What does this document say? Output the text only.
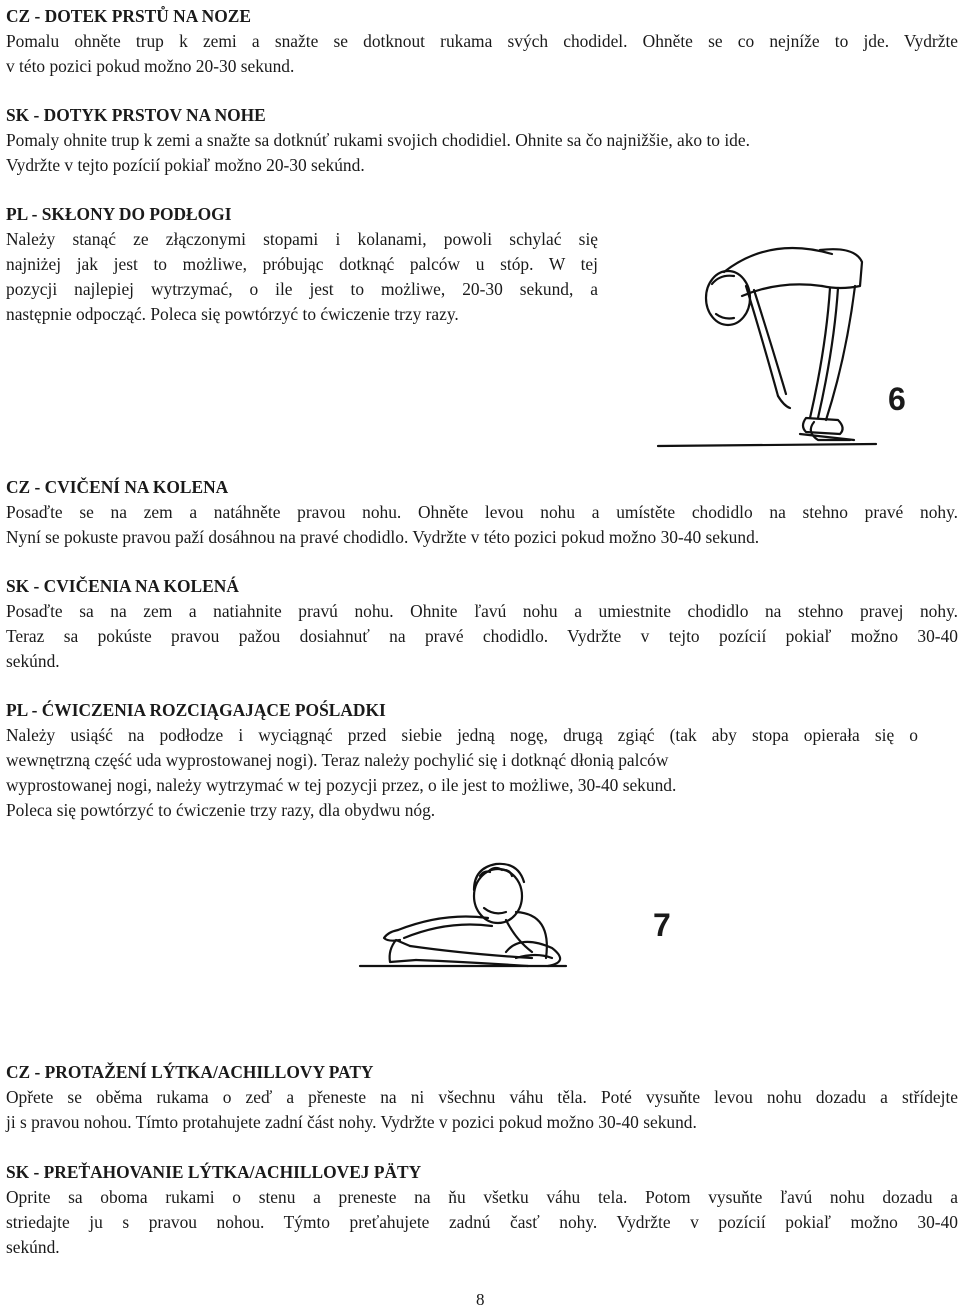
CZ - DOTEK PRSTŮ NA NOZE
Pomalu ohněte trup k zemi a snažte se dotknout rukama svých chodidel. Ohněte se co nejníže to jde. Vydržte
v této pozici pokud možno 20-30 sekund.
SK - DOTYK PRSTOV NA NOHE
Pomaly ohnite trup k zemi a snažte sa dotknúť rukami svojich chodidiel. Ohnite sa čo najnižšie, ako to ide.
Vydržte v tejto pozícií pokiaľ možno 20-30 sekúnd.
PL - SKŁONY DO PODŁOGI
Należy stanąć ze złączonymi stopami i kolanami, powoli schylać się
najniżej jak jest to możliwe, próbując dotknąć palców u stóp. W tej
pozycji najlepiej wytrzymać, o ile jest to możliwe, 20-30 sekund, a
następnie odpocząć. Poleca się powtórzyć to ćwiczenie trzy razy.
6
CZ - CVIČENÍ NA KOLENA
Posaďte se na zem a natáhněte pravou nohu. Ohněte levou nohu a umístěte chodidlo na stehno pravé nohy.
Nyní se pokuste pravou paží dosáhnou na pravé chodidlo. Vydržte v této pozici pokud možno 30-40 sekund.
SK - CVIČENIA NA KOLENÁ
Posaďte sa na zem a natiahnite pravú nohu. Ohnite ľavú nohu a umiestnite chodidlo na stehno pravej nohy.
Teraz sa pokúste pravou pažou dosiahnuť na pravé chodidlo. Vydržte v tejto pozícií pokiaľ možno 30-40
sekúnd.
PL - ĆWICZENIA ROZCIĄGAJĄCE POŚLADKI
Należy usiąść na podłodze i wyciągnąć przed siebie jedną nogę, drugą zgiąć (tak aby stopa opierała się o
wewnętrzną część uda wyprostowanej nogi). Teraz należy pochylić się i dotknąć dłonią palców
wyprostowanej nogi, należy wytrzymać w tej pozycji przez, o ile jest to możliwe, 30-40 sekund.
Poleca się powtórzyć to ćwiczenie trzy razy, dla obydwu nóg.
7
CZ - PROTAŽENÍ LÝTKA/ACHILLOVY PATY
Opřete se oběma rukama o zeď a přeneste na ni všechnu váhu těla. Poté vysuňte levou nohu dozadu a střídejte
ji s pravou nohou. Tímto protahujete zadní část nohy. Vydržte v pozici pokud možno 30-40 sekund.
SK - PREŤAHOVANIE LÝTKA/ACHILLOVEJ PÄTY
Oprite sa oboma rukami o stenu a preneste na ňu všetku váhu tela. Potom vysuňte ľavú nohu dozadu a
striedajte ju s pravou nohou. Týmto preťahujete zadnú časť nohy. Vydržte v pozícií pokiaľ možno 30-40
sekúnd.
8
